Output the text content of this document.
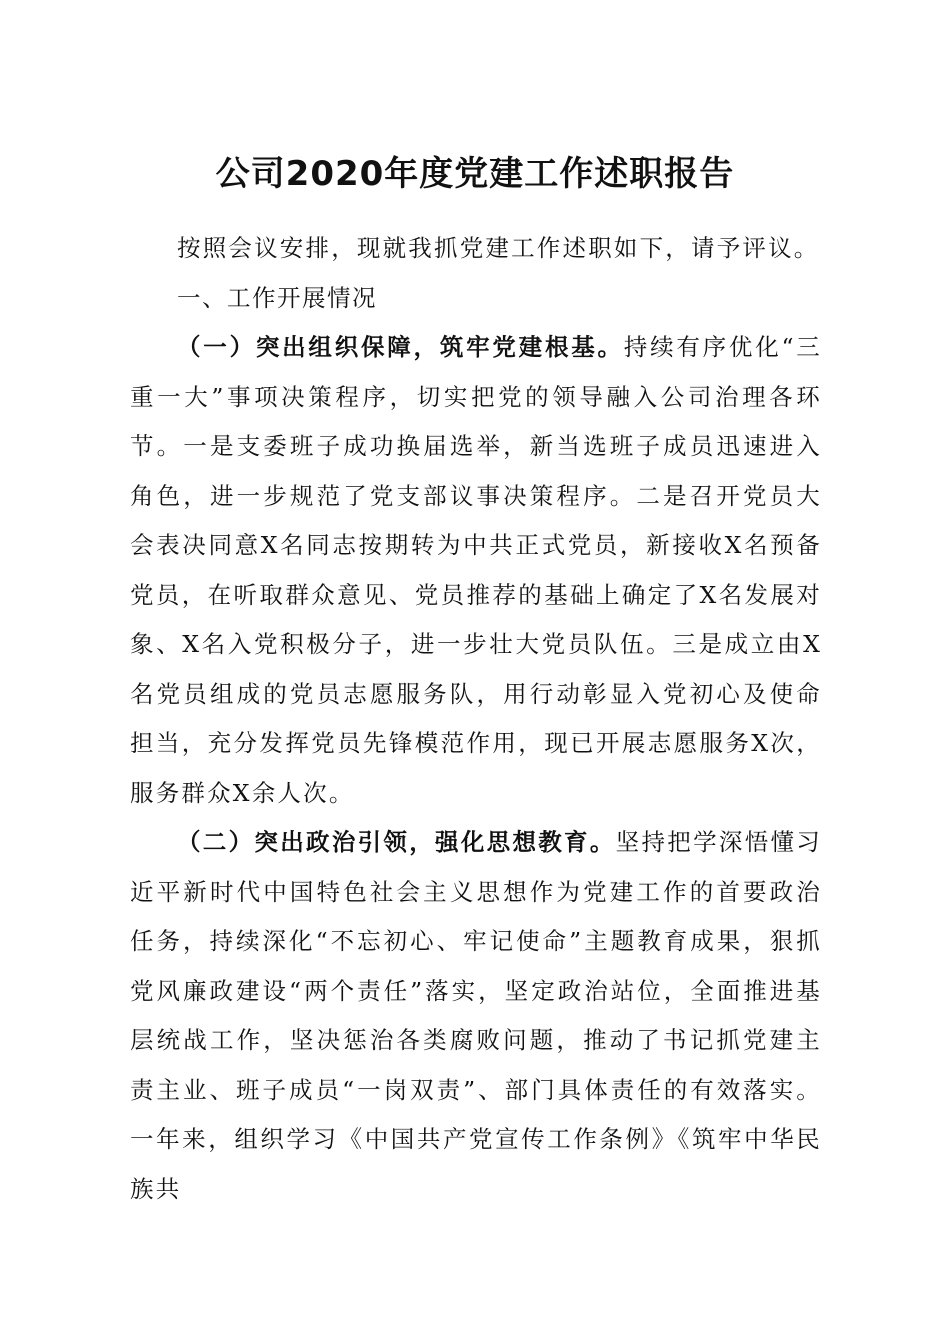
公司2020年度党建工作述职报告

按照会议安排，现就我抓党建工作述职如下，请予评议。

一、工作开展情况

（一）突出组织保障，筑牢党建根基。持续有序优化“三重一大”事项决策程序，切实把党的领导融入公司治理各环节。一是支委班子成功换届选举，新当选班子成员迅速进入角色，进一步规范了党支部议事决策程序。二是召开党员大会表决同意X名同志按期转为中共正式党员，新接收X名预备党员，在听取群众意见、党员推荐的基础上确定了X名发展对象、X名入党积极分子，进一步壮大党员队伍。三是成立由X名党员组成的党员志愿服务队，用行动彰显入党初心及使命担当，充分发挥党员先锋模范作用，现已开展志愿服务X次，服务群众X余人次。

（二）突出政治引领，强化思想教育。坚持把学深悟懂习近平新时代中国特色社会主义思想作为党建工作的首要政治任务，持续深化“不忘初心、牢记使命”主题教育成果，狠抓党风廉政建设“两个责任”落实，坚定政治站位，全面推进基层统战工作，坚决惩治各类腐败问题，推动了书记抓党建主责主业、班子成员“一岗双责”、部门具体责任的有效落实。一年来，组织学习《中国共产党宣传工作条例》《筑牢中华民族共
